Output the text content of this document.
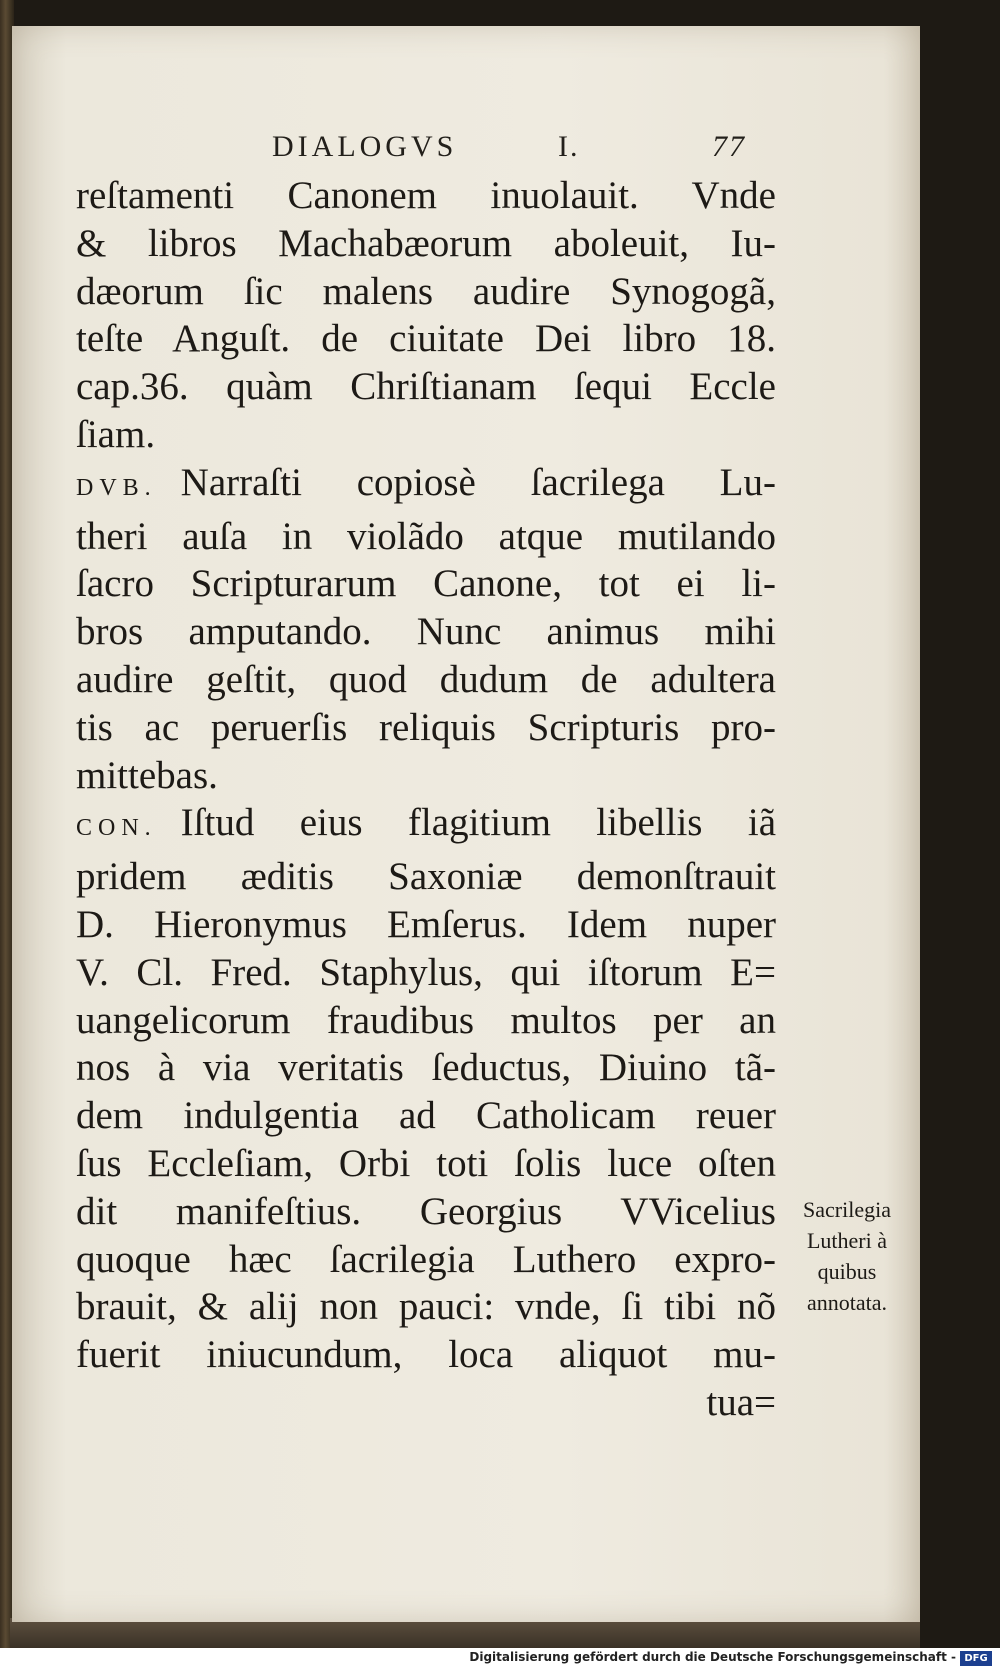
DIALOGVS	I.	77
reſtamenti Canonem inuolauit. Vnde
& libros Machabæorum aboleuit, Iu-
dæorum ſic malens audire Synogogã,
teſte Anguſt. de ciuitate Dei libro 18.
cap.36. quàm Chriſtianam ſequi Eccle
ſiam.
DVB. Narraſti copiosè ſacrilega Lu-
theri auſa in violãdo atque mutilando
ſacro Scripturarum Canone, tot ei li-
bros amputando. Nunc animus mihi
audire geſtit, quod dudum de adultera
tis ac peruerſis reliquis Scripturis pro-
mittebas.
CON. Iſtud eius flagitium libellis iã
pridem æditis Saxoniæ demonſtrauit
D. Hieronymus Emſerus. Idem nuper
V. Cl. Fred. Staphylus, qui iſtorum E=
uangelicorum fraudibus multos per an
nos à via veritatis ſeductus, Diuino tã-
dem indulgentia ad Catholicam reuer
ſus Eccleſiam, Orbi toti ſolis luce oſten
dit manifeſtius. Georgius VVicelius
quoque hæc ſacrilegia Luthero expro-
brauit, & alij non pauci: vnde, ſi tibi nõ
fuerit iniucundum, loca aliquot mu-
tua=
Sacrilegia
Lutheri à
quibus
annotata.
Digitalisierung gefördert durch die Deutsche Forschungsgemeinschaft - DFG
